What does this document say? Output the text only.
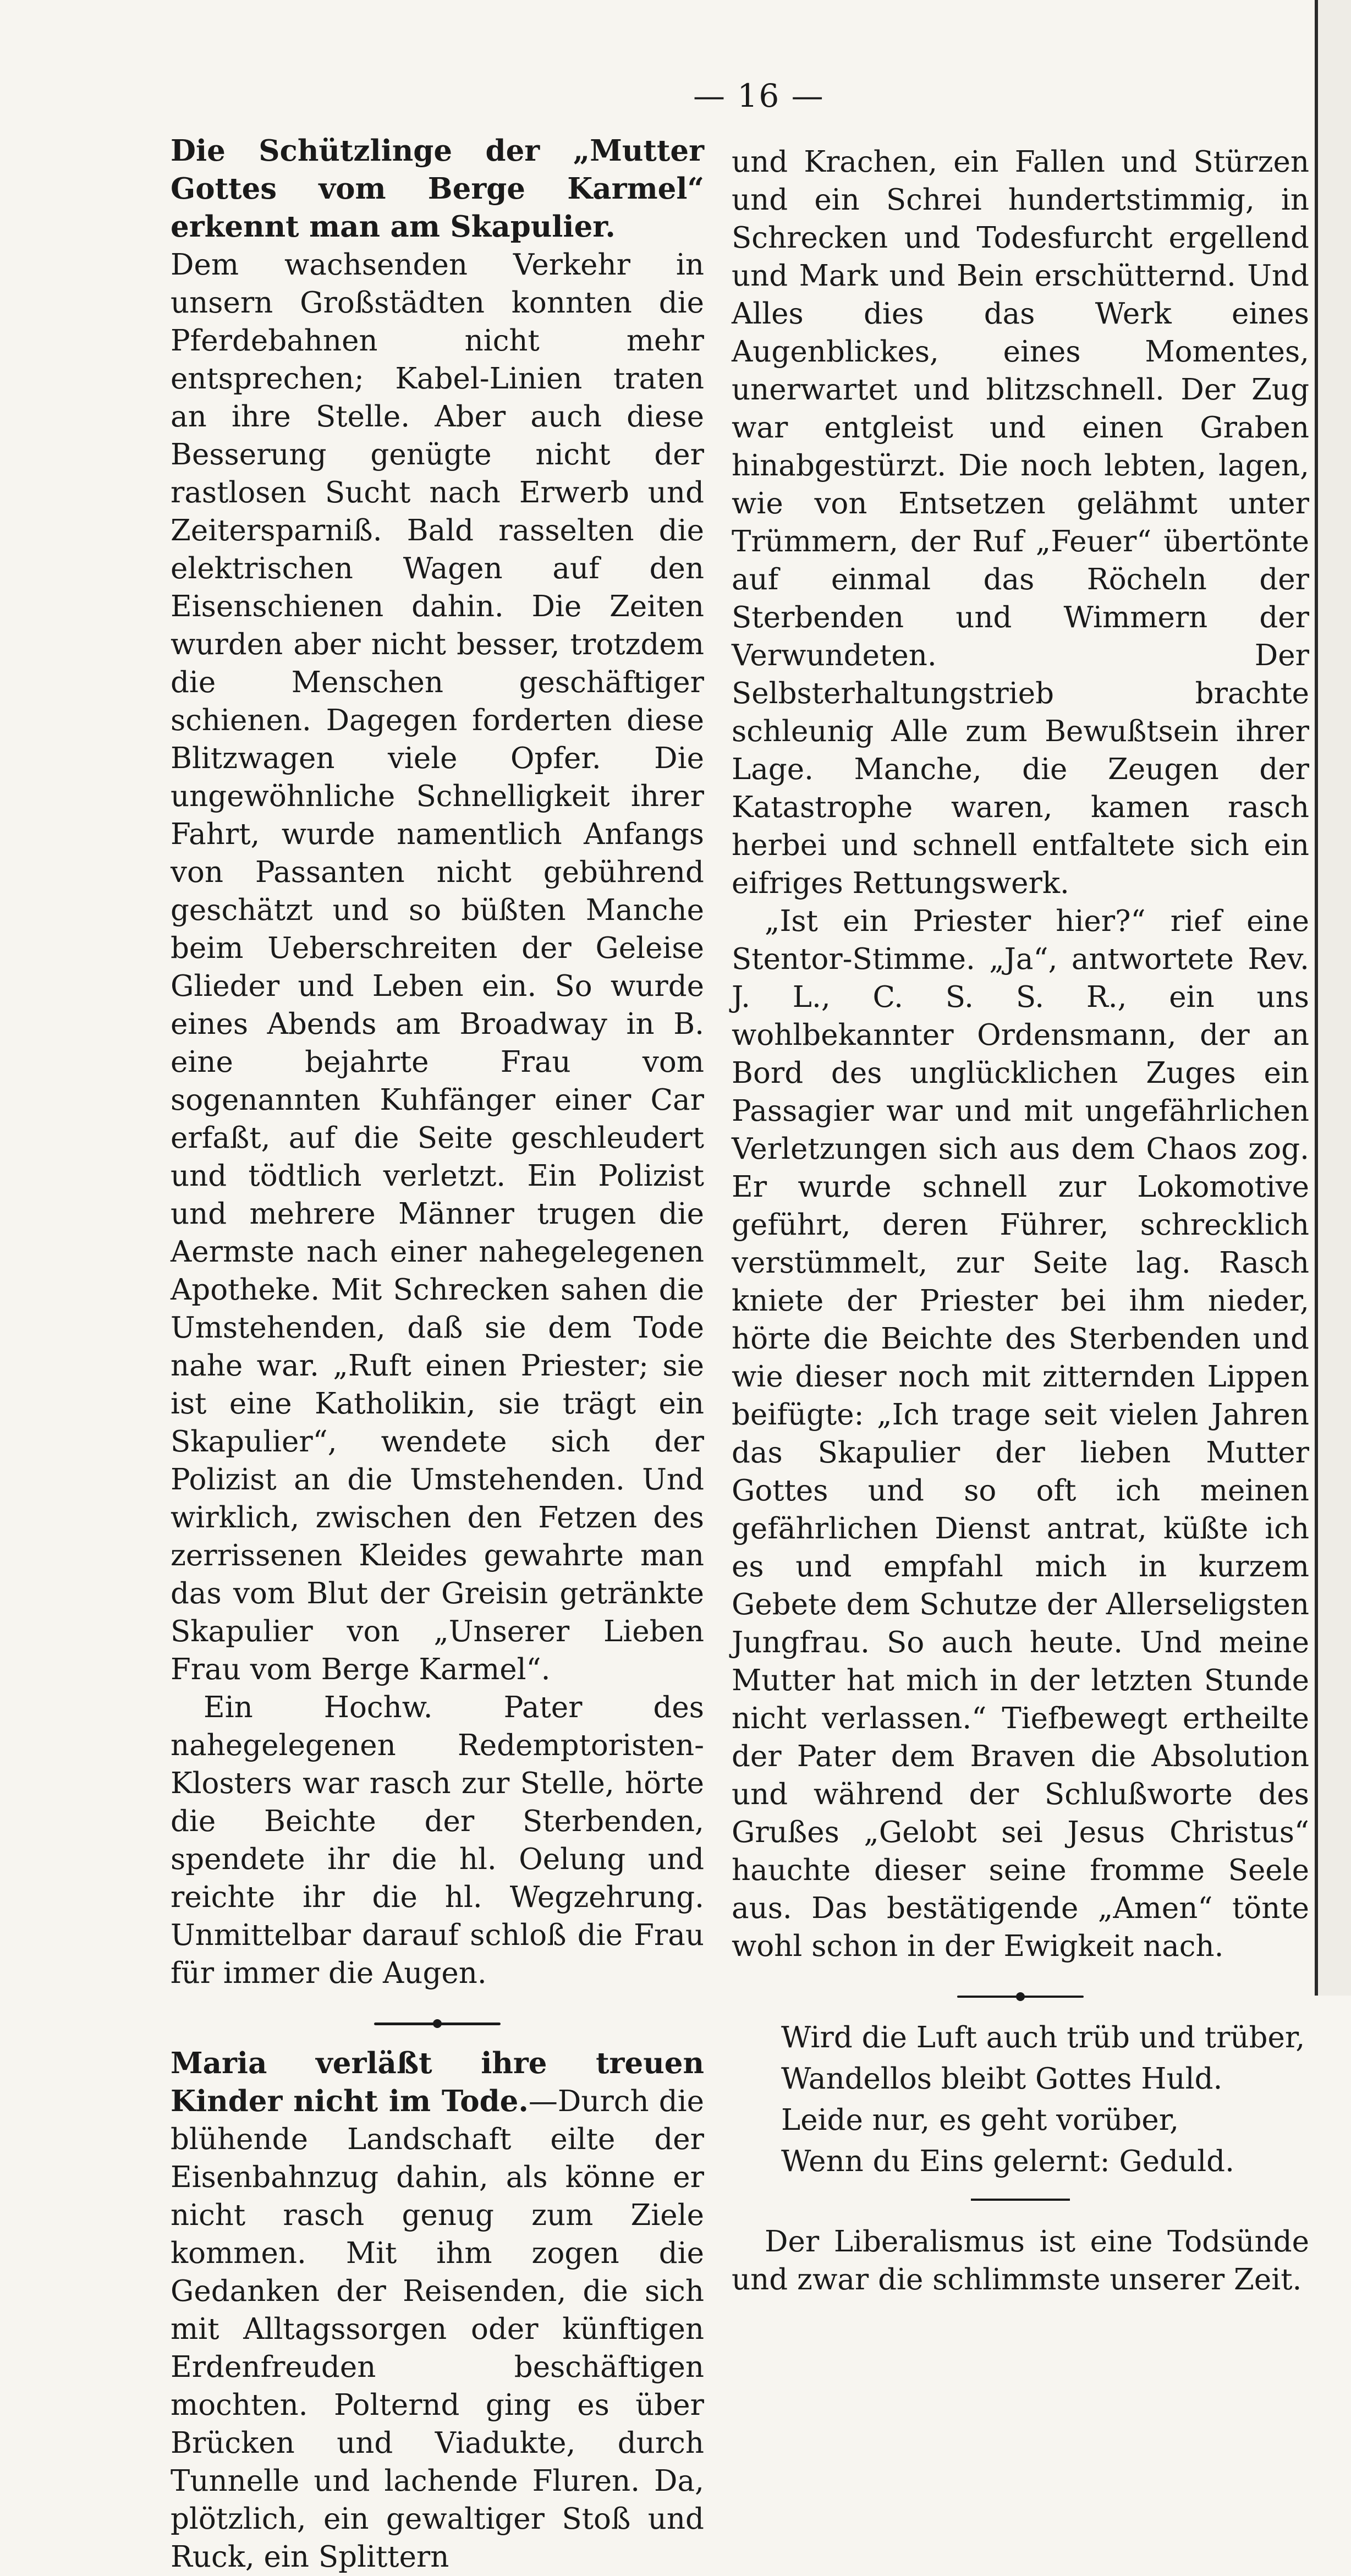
— 16 —

Die Schützlinge der „Mutter Gottes vom Berge Karmel“ erkennt man am Skapulier.

Dem wachsenden Verkehr in unsern Großstädten konnten die Pferdebahnen nicht mehr entsprechen; Kabel-Linien traten an ihre Stelle. Aber auch diese Besserung genügte nicht der rastlosen Sucht nach Erwerb und Zeitersparniß. Bald rasselten die elektrischen Wagen auf den Eisenschienen dahin. Die Zeiten wurden aber nicht besser, trotzdem die Menschen geschäftiger schienen. Dagegen forderten diese Blitzwagen viele Opfer. Die ungewöhnliche Schnelligkeit ihrer Fahrt, wurde namentlich Anfangs von Passanten nicht gebührend geschätzt und so büßten Manche beim Ueberschreiten der Geleise Glieder und Leben ein. So wurde eines Abends am Broadway in B. eine bejahrte Frau vom sogenannten Kuhfänger einer Car erfaßt, auf die Seite geschleudert und tödtlich verletzt. Ein Polizist und mehrere Männer trugen die Aermste nach einer nahegelegenen Apotheke. Mit Schrecken sahen die Umstehenden, daß sie dem Tode nahe war. „Ruft einen Priester; sie ist eine Katholikin, sie trägt ein Skapulier“, wendete sich der Polizist an die Umstehenden. Und wirklich, zwischen den Fetzen des zerrissenen Kleides gewahrte man das vom Blut der Greisin getränkte Skapulier von „Unserer Lieben Frau vom Berge Karmel“.

Ein Hochw. Pater des nahegelegenen Redemptoristen-Klosters war rasch zur Stelle, hörte die Beichte der Sterbenden, spendete ihr die hl. Oelung und reichte ihr die hl. Wegzehrung. Unmittelbar darauf schloß die Frau für immer die Augen.

Maria verläßt ihre treuen Kinder nicht im Tode.—Durch die blühende Landschaft eilte der Eisenbahnzug dahin, als könne er nicht rasch genug zum Ziele kommen. Mit ihm zogen die Gedanken der Reisenden, die sich mit Alltagssorgen oder künftigen Erdenfreuden beschäftigen mochten. Polternd ging es über Brücken und Viadukte, durch Tunnelle und lachende Fluren. Da, plötzlich, ein gewaltiger Stoß und Ruck, ein Splittern

und Krachen, ein Fallen und Stürzen und ein Schrei hundertstimmig, in Schrecken und Todesfurcht ergellend und Mark und Bein erschütternd. Und Alles dies das Werk eines Augenblickes, eines Momentes, unerwartet und blitzschnell. Der Zug war entgleist und einen Graben hinabgestürzt. Die noch lebten, lagen, wie von Entsetzen gelähmt unter Trümmern, der Ruf „Feuer“ übertönte auf einmal das Röcheln der Sterbenden und Wimmern der Verwundeten. Der Selbsterhaltungstrieb brachte schleunig Alle zum Bewußtsein ihrer Lage. Manche, die Zeugen der Katastrophe waren, kamen rasch herbei und schnell entfaltete sich ein eifriges Rettungswerk.

„Ist ein Priester hier?“ rief eine Stentor-Stimme. „Ja“, antwortete Rev. J. L., C. S. S. R., ein uns wohlbekannter Ordensmann, der an Bord des unglücklichen Zuges ein Passagier war und mit ungefährlichen Verletzungen sich aus dem Chaos zog. Er wurde schnell zur Lokomotive geführt, deren Führer, schrecklich verstümmelt, zur Seite lag. Rasch kniete der Priester bei ihm nieder, hörte die Beichte des Sterbenden und wie dieser noch mit zitternden Lippen beifügte: „Ich trage seit vielen Jahren das Skapulier der lieben Mutter Gottes und so oft ich meinen gefährlichen Dienst antrat, küßte ich es und empfahl mich in kurzem Gebete dem Schutze der Allerseligsten Jungfrau. So auch heute. Und meine Mutter hat mich in der letzten Stunde nicht verlassen.“ Tiefbewegt ertheilte der Pater dem Braven die Absolution und während der Schlußworte des Grußes „Gelobt sei Jesus Christus“ hauchte dieser seine fromme Seele aus. Das bestätigende „Amen“ tönte wohl schon in der Ewigkeit nach.

Wird die Luft auch trüb und trüber,
Wandellos bleibt Gottes Huld.
Leide nur, es geht vorüber,
Wenn du Eins gelernt: Geduld.

Der Liberalismus ist eine Todsünde und zwar die schlimmste unserer Zeit.
